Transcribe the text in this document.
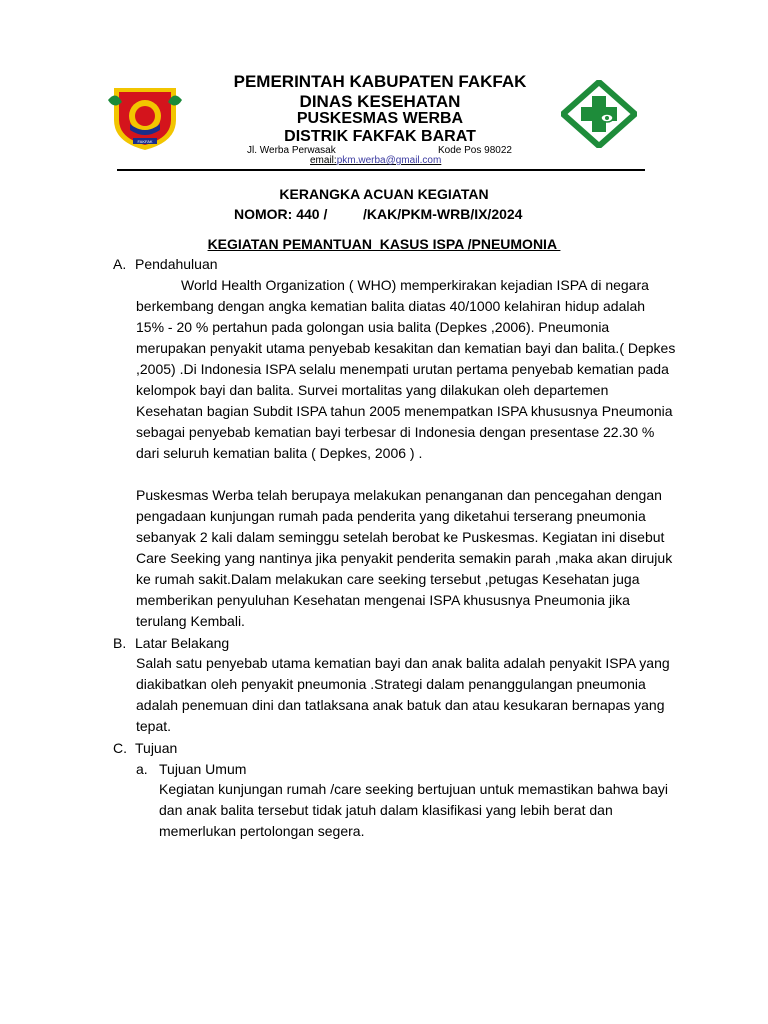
FAKFAK
PEMERINTAH KABUPATEN FAKFAK
DINAS KESEHATAN
PUSKESMAS WERBA
DISTRIK FAKFAK BARAT
Jl. Werba Perwasak	Kode Pos 98022
email:pkm.werba@gmail.com
KERANGKA ACUAN KEGIATAN
NOMOR: 440 /	/KAK/PKM-WRB/IX/2024
KEGIATAN PEMANTUAN  KASUS ISPA /PNEUMONIA
A. Pendahuluan

World Health Organization ( WHO) memperkirakan kejadian ISPA di negara berkembang dengan angka kematian balita diatas 40/1000 kelahiran hidup adalah 15% - 20 % pertahun pada golongan usia balita (Depkes ,2006). Pneumonia merupakan penyakit utama penyebab kesakitan dan kematian bayi dan balita.( Depkes ,2005) .Di Indonesia ISPA selalu menempati urutan pertama penyebab kematian pada kelompok bayi dan balita. Survei mortalitas yang dilakukan oleh departemen Kesehatan bagian Subdit ISPA tahun 2005 menempatkan ISPA khususnya Pneumonia sebagai penyebab kematian bayi terbesar di Indonesia dengan presentase 22.30 % dari seluruh kematian balita ( Depkes, 2006 ) .

Puskesmas Werba telah berupaya melakukan penanganan dan pencegahan dengan pengadaan kunjungan rumah pada penderita yang diketahui terserang pneumonia sebanyak 2 kali dalam seminggu setelah berobat ke Puskesmas. Kegiatan ini disebut Care Seeking yang nantinya jika penyakit penderita semakin parah ,maka akan dirujuk ke rumah sakit.Dalam melakukan care seeking tersebut ,petugas Kesehatan juga memberikan penyuluhan Kesehatan mengenai ISPA khususnya Pneumonia jika terulang Kembali.

B. Latar Belakang

Salah satu penyebab utama kematian bayi dan anak balita adalah penyakit ISPA yang diakibatkan oleh penyakit pneumonia .Strategi dalam penanggulangan pneumonia adalah penemuan dini dan tatlaksana anak batuk dan atau kesukaran bernapas yang tepat.

C. Tujuan
a. Tujuan Umum

Kegiatan kunjungan rumah /care seeking bertujuan untuk memastikan bahwa bayi dan anak balita tersebut tidak jatuh dalam klasifikasi yang lebih berat dan memerlukan pertolongan segera.
